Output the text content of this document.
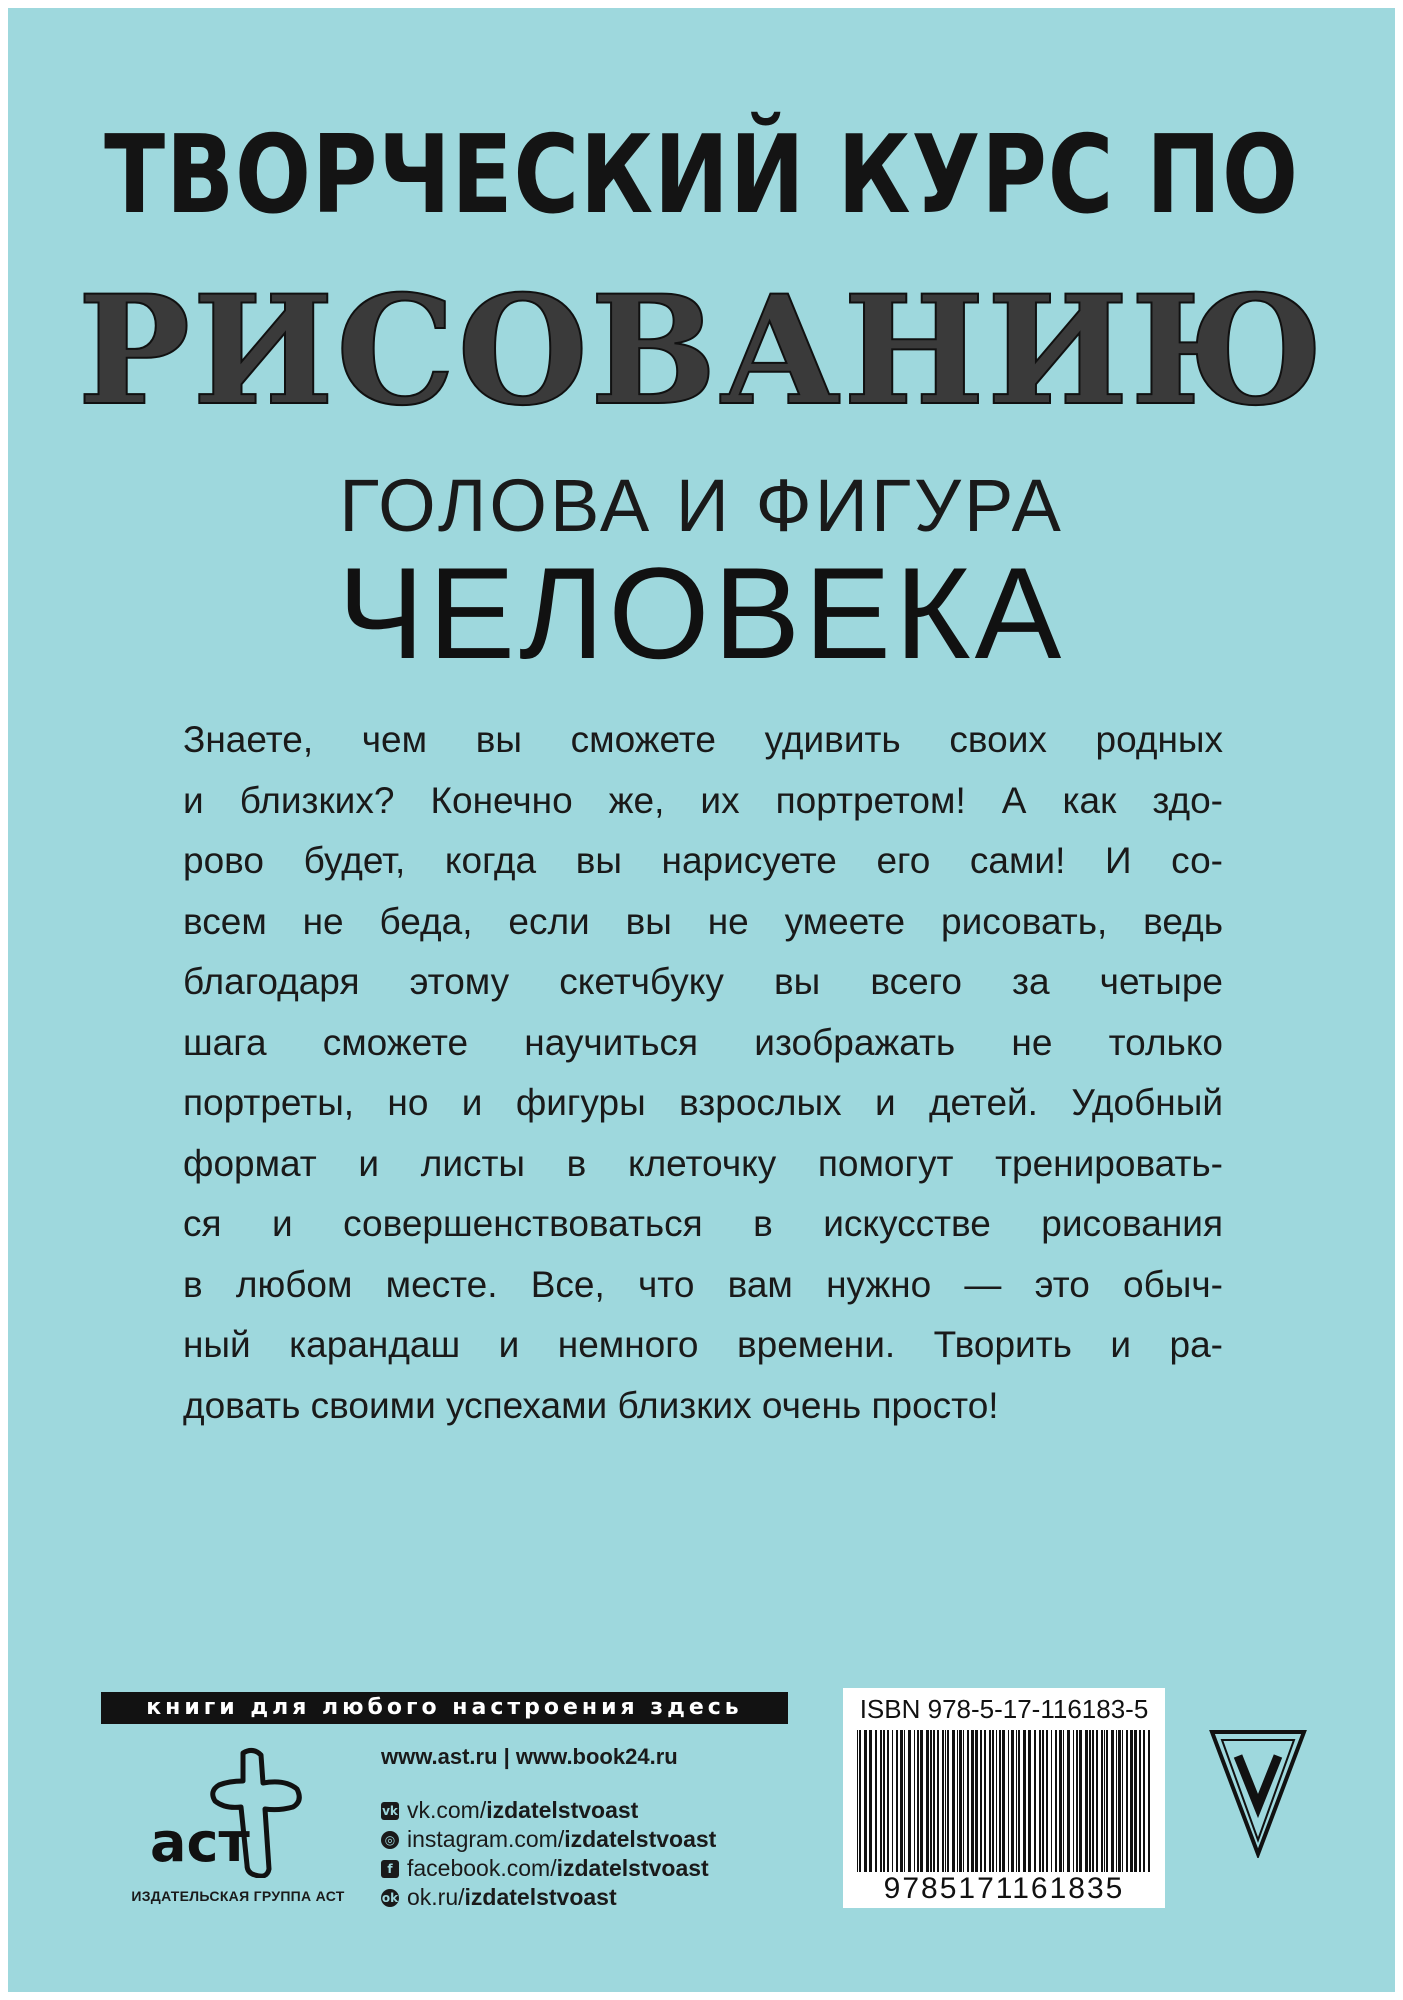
ТВОРЧЕСКИЙ КУРС ПО
РИСОВАНИЮ
ГОЛОВА И ФИГУРА
ЧЕЛОВЕКА
Знаете, чем вы сможете удивить своих родных
и близких? Конечно же, их портретом! А как здо-
рово будет, когда вы нарисуете его сами! И со-
всем не беда, если вы не умеете рисовать, ведь
благодаря этому скетчбуку вы всего за четыре
шага сможете научиться изображать не только
портреты, но и фигуры взрослых и детей. Удобный
формат и листы в клеточку помогут тренировать-
ся и совершенствоваться в искусстве рисования
в любом месте. Все, что вам нужно — это обыч-
ный карандаш и немного времени. Творить и ра-
довать своими успехами близких очень просто!
книги для любого настроения здесь
аст
ИЗДАТЕЛЬСКАЯ ГРУППА АСТ
www.ast.ru | www.book24.ru
vk vk.com/ izdatelstvoast
◎ instagram.com/ izdatelstvoast
f facebook.com/ izdatelstvoast
ok ok.ru/ izdatelstvoast
ISBN 978-5-17-116183-5
9785171161835
